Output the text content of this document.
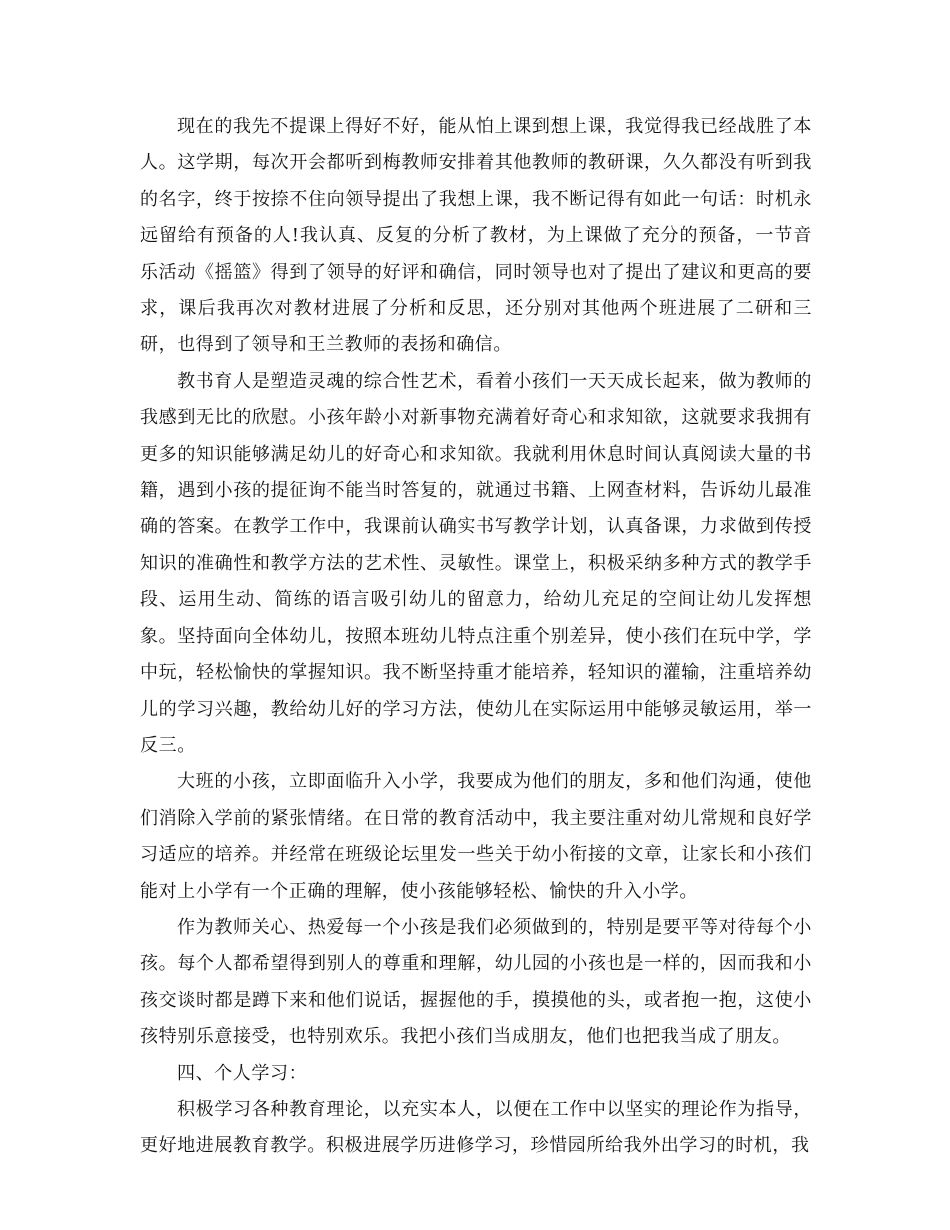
现在的我先不提课上得好不好，能从怕上课到想上课，我觉得我已经战胜了本人。这学期，每次开会都听到梅教师安排着其他教师的教研课，久久都没有听到我的名字，终于按捺不住向领导提出了我想上课，我不断记得有如此一句话：时机永远留给有预备的人!我认真、反复的分析了教材，为上课做了充分的预备，一节音乐活动《摇篮》得到了领导的好评和确信，同时领导也对了提出了建议和更高的要求，课后我再次对教材进展了分析和反思，还分别对其他两个班进展了二研和三研，也得到了领导和王兰教师的表扬和确信。

教书育人是塑造灵魂的综合性艺术，看着小孩们一天天成长起来，做为教师的我感到无比的欣慰。小孩年龄小对新事物充满着好奇心和求知欲，这就要求我拥有更多的知识能够满足幼儿的好奇心和求知欲。我就利用休息时间认真阅读大量的书籍，遇到小孩的提征询不能当时答复的，就通过书籍、上网查材料，告诉幼儿最准确的答案。在教学工作中，我课前认确实书写教学计划，认真备课，力求做到传授知识的准确性和教学方法的艺术性、灵敏性。课堂上，积极采纳多种方式的教学手段、运用生动、简练的语言吸引幼儿的留意力，给幼儿充足的空间让幼儿发挥想象。坚持面向全体幼儿，按照本班幼儿特点注重个别差异，使小孩们在玩中学，学中玩，轻松愉快的掌握知识。我不断坚持重才能培养，轻知识的灌输，注重培养幼儿的学习兴趣，教给幼儿好的学习方法，使幼儿在实际运用中能够灵敏运用，举一反三。

大班的小孩，立即面临升入小学，我要成为他们的朋友，多和他们沟通，使他们消除入学前的紧张情绪。在日常的教育活动中，我主要注重对幼儿常规和良好学习适应的培养。并经常在班级论坛里发一些关于幼小衔接的文章，让家长和小孩们能对上小学有一个正确的理解，使小孩能够轻松、愉快的升入小学。

作为教师关心、热爱每一个小孩是我们必须做到的，特别是要平等对待每个小孩。每个人都希望得到别人的尊重和理解，幼儿园的小孩也是一样的，因而我和小孩交谈时都是蹲下来和他们说话，握握他的手，摸摸他的头，或者抱一抱，这使小孩特别乐意接受，也特别欢乐。我把小孩们当成朋友，他们也把我当成了朋友。

四、个人学习：

积极学习各种教育理论，以充实本人，以便在工作中以坚实的理论作为指导，更好地进展教育教学。积极进展学历进修学习，珍惜园所给我外出学习的时机，我
